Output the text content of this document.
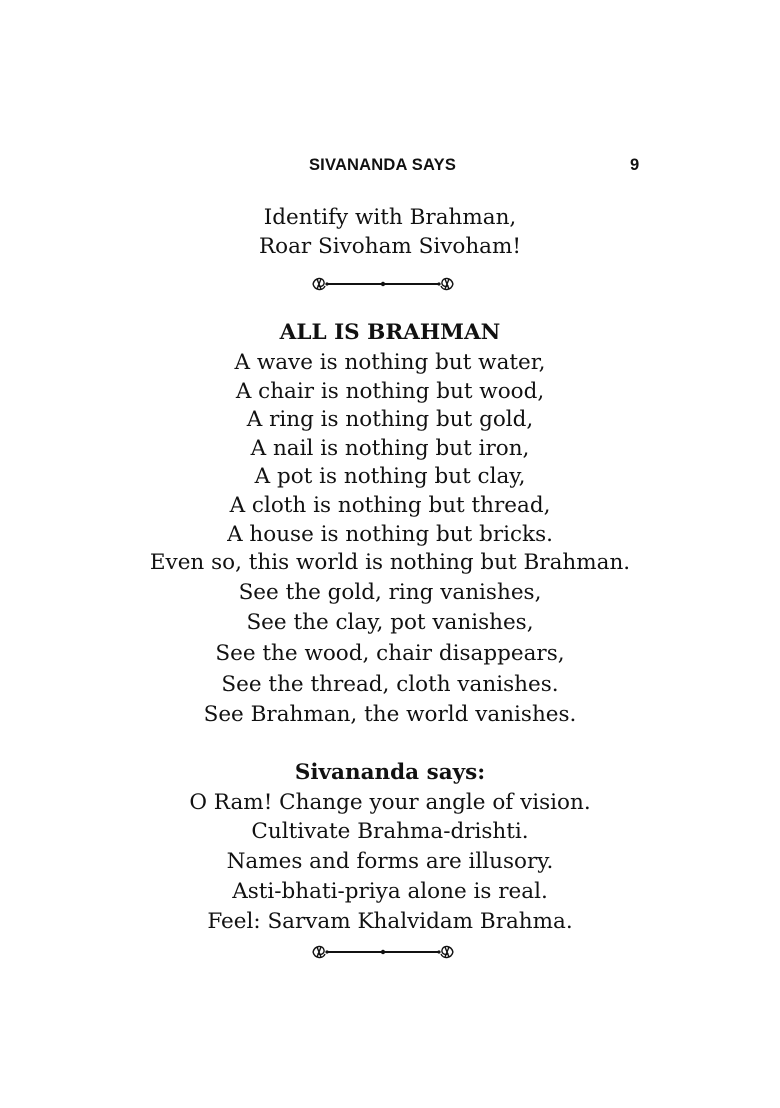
SIVANANDA SAYS	9
Identify with Brahman,
Roar Sivoham Sivoham!
ALL IS BRAHMAN
A wave is nothing but water,
A chair is nothing but wood,
A ring is nothing but gold,
A nail is nothing but iron,
A pot is nothing but clay,
A cloth is nothing but thread,
A house is nothing but bricks.
Even so, this world is nothing but Brahman.
See the gold, ring vanishes,
See the clay, pot vanishes,
See the wood, chair disappears,
See the thread, cloth vanishes.
See Brahman, the world vanishes.
Sivananda says:
O Ram! Change your angle of vision.
Cultivate Brahma-drishti.
Names and forms are illusory.
Asti-bhati-priya alone is real.
Feel: Sarvam Khalvidam Brahma.
